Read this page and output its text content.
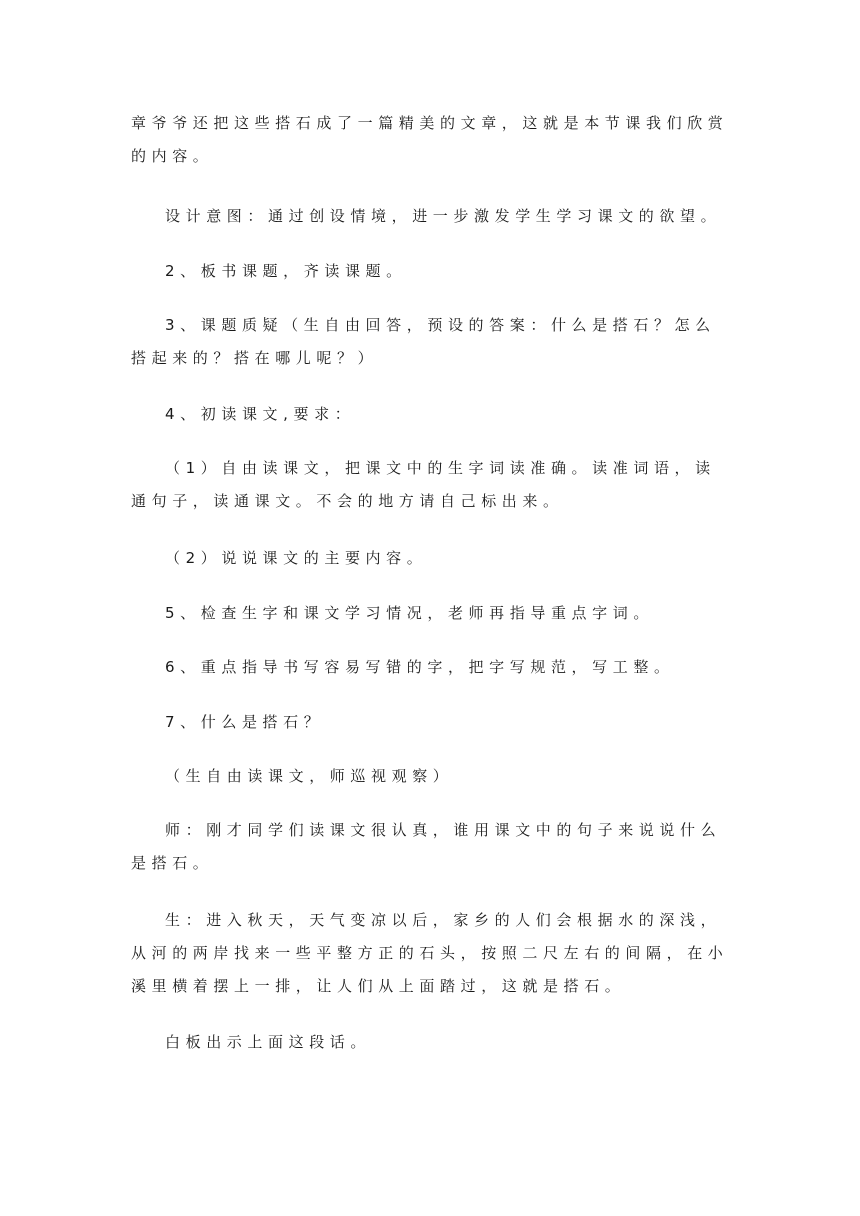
章爷爷还把这些搭石成了一篇精美的文章，这就是本节课我们欣赏
的内容。
设计意图：通过创设情境，进一步激发学生学习课文的欲望。
2、板书课题，齐读课题。
3、课题质疑（生自由回答，预设的答案：什么是搭石？怎么
搭起来的？搭在哪儿呢？）
4、初读课文,要求：
（1）自由读课文，把课文中的生字词读准确。读准词语，读
通句子，读通课文。不会的地方请自己标出来。
（2）说说课文的主要内容。
5、检查生字和课文学习情况，老师再指导重点字词。
6、重点指导书写容易写错的字，把字写规范，写工整。
7、什么是搭石？
（生自由读课文，师巡视观察）
师：刚才同学们读课文很认真，谁用课文中的句子来说说什么
是搭石。
生：进入秋天，天气变凉以后，家乡的人们会根据水的深浅，
从河的两岸找来一些平整方正的石头，按照二尺左右的间隔，在小
溪里横着摆上一排，让人们从上面踏过，这就是搭石。
白板出示上面这段话。
